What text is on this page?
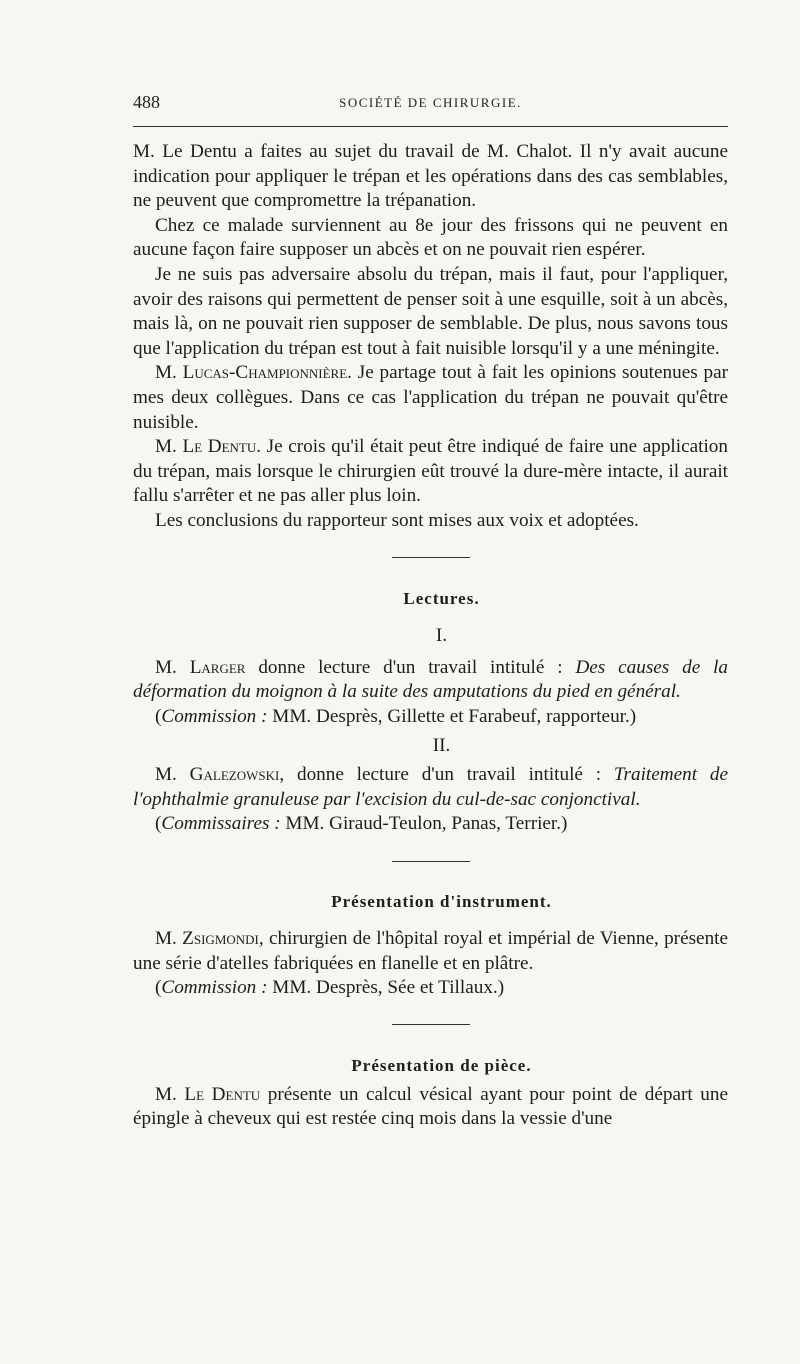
488	SOCIÉTÉ DE CHIRURGIE.

M. Le Dentu a faites au sujet du travail de M. Chalot. Il n'y avait aucune indication pour appliquer le trépan et les opérations dans des cas semblables, ne peuvent que compromettre la trépanation.

Chez ce malade surviennent au 8e jour des frissons qui ne peuvent en aucune façon faire supposer un abcès et on ne pouvait rien espérer.

Je ne suis pas adversaire absolu du trépan, mais il faut, pour l'appliquer, avoir des raisons qui permettent de penser soit à une esquille, soit à un abcès, mais là, on ne pouvait rien supposer de semblable. De plus, nous savons tous que l'application du trépan est tout à fait nuisible lorsqu'il y a une méningite.

M. Lucas-Championnière. Je partage tout à fait les opinions soutenues par mes deux collègues. Dans ce cas l'application du trépan ne pouvait qu'être nuisible.

M. Le Dentu. Je crois qu'il était peut être indiqué de faire une application du trépan, mais lorsque le chirurgien eût trouvé la dure-mère intacte, il aurait fallu s'arrêter et ne pas aller plus loin.

Les conclusions du rapporteur sont mises aux voix et adoptées.

Lectures.

I.

M. Larger donne lecture d'un travail intitulé : Des causes de la déformation du moignon à la suite des amputations du pied en général.

(Commission : MM. Desprès, Gillette et Farabeuf, rapporteur.)

II.

M. Galezowski, donne lecture d'un travail intitulé : Traitement de l'ophthalmie granuleuse par l'excision du cul-de-sac conjonctival.

(Commissaires : MM. Giraud-Teulon, Panas, Terrier.)

Présentation d'instrument.

M. Zsigmondi, chirurgien de l'hôpital royal et impérial de Vienne, présente une série d'atelles fabriquées en flanelle et en plâtre.

(Commission : MM. Desprès, Sée et Tillaux.)

Présentation de pièce.

M. Le Dentu présente un calcul vésical ayant pour point de départ une épingle à cheveux qui est restée cinq mois dans la vessie d'une
